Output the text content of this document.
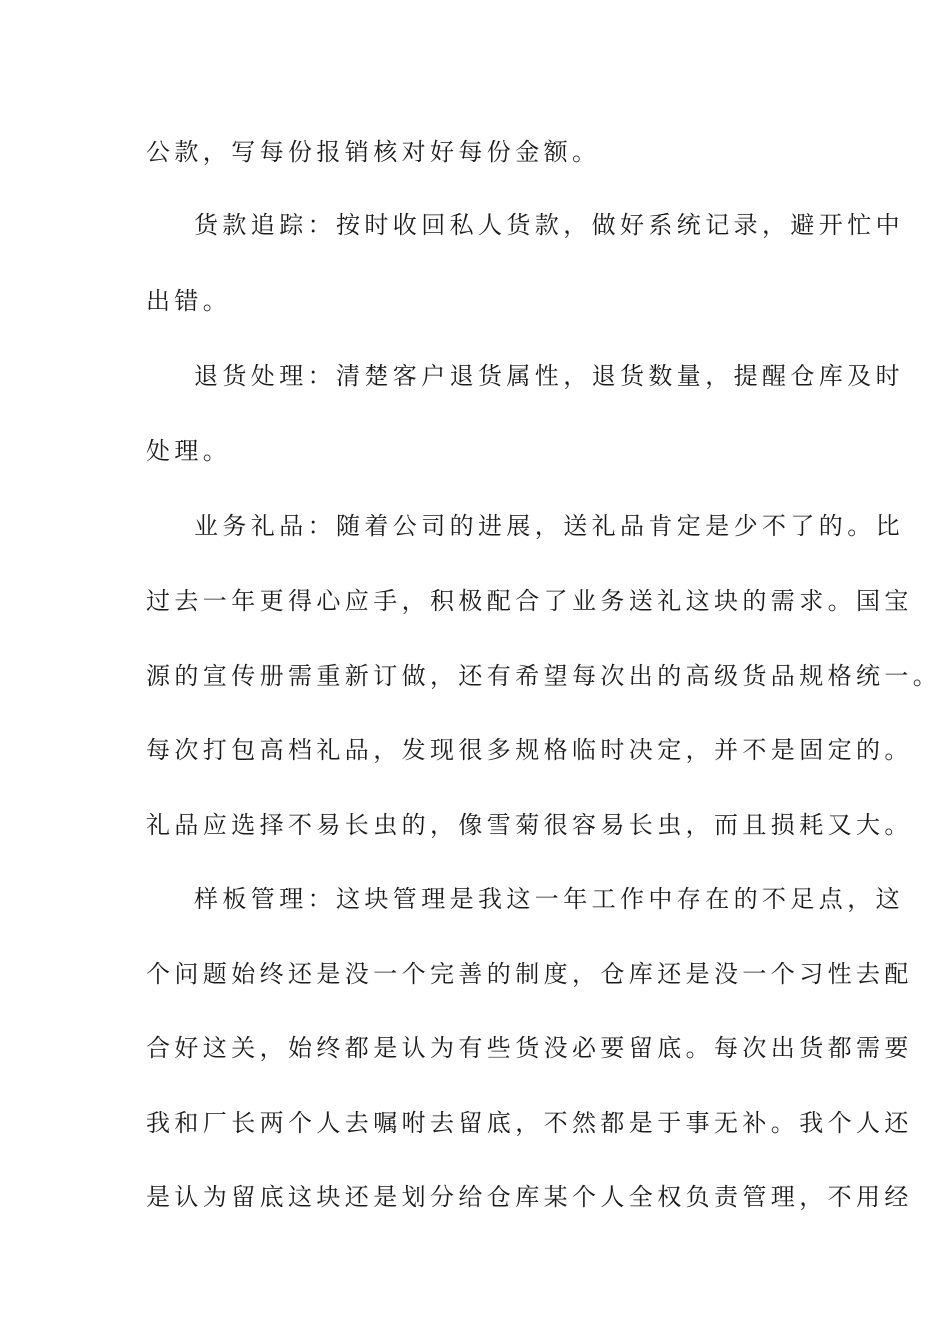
公款，写每份报销核对好每份金额。
货款追踪：按时收回私人货款，做好系统记录，避开忙中
出错。
退货处理：清楚客户退货属性，退货数量，提醒仓库及时
处理。
业务礼品：随着公司的进展，送礼品肯定是少不了的。比
过去一年更得心应手，积极配合了业务送礼这块的需求。国宝
源的宣传册需重新订做，还有希望每次出的高级货品规格统一。
每次打包高档礼品，发现很多规格临时决定，并不是固定的。
礼品应选择不易长虫的，像雪菊很容易长虫，而且损耗又大。
样板管理：这块管理是我这一年工作中存在的不足点，这
个问题始终还是没一个完善的制度，仓库还是没一个习性去配
合好这关，始终都是认为有些货没必要留底。每次出货都需要
我和厂长两个人去嘱咐去留底，不然都是于事无补。我个人还
是认为留底这块还是划分给仓库某个人全权负责管理，不用经
